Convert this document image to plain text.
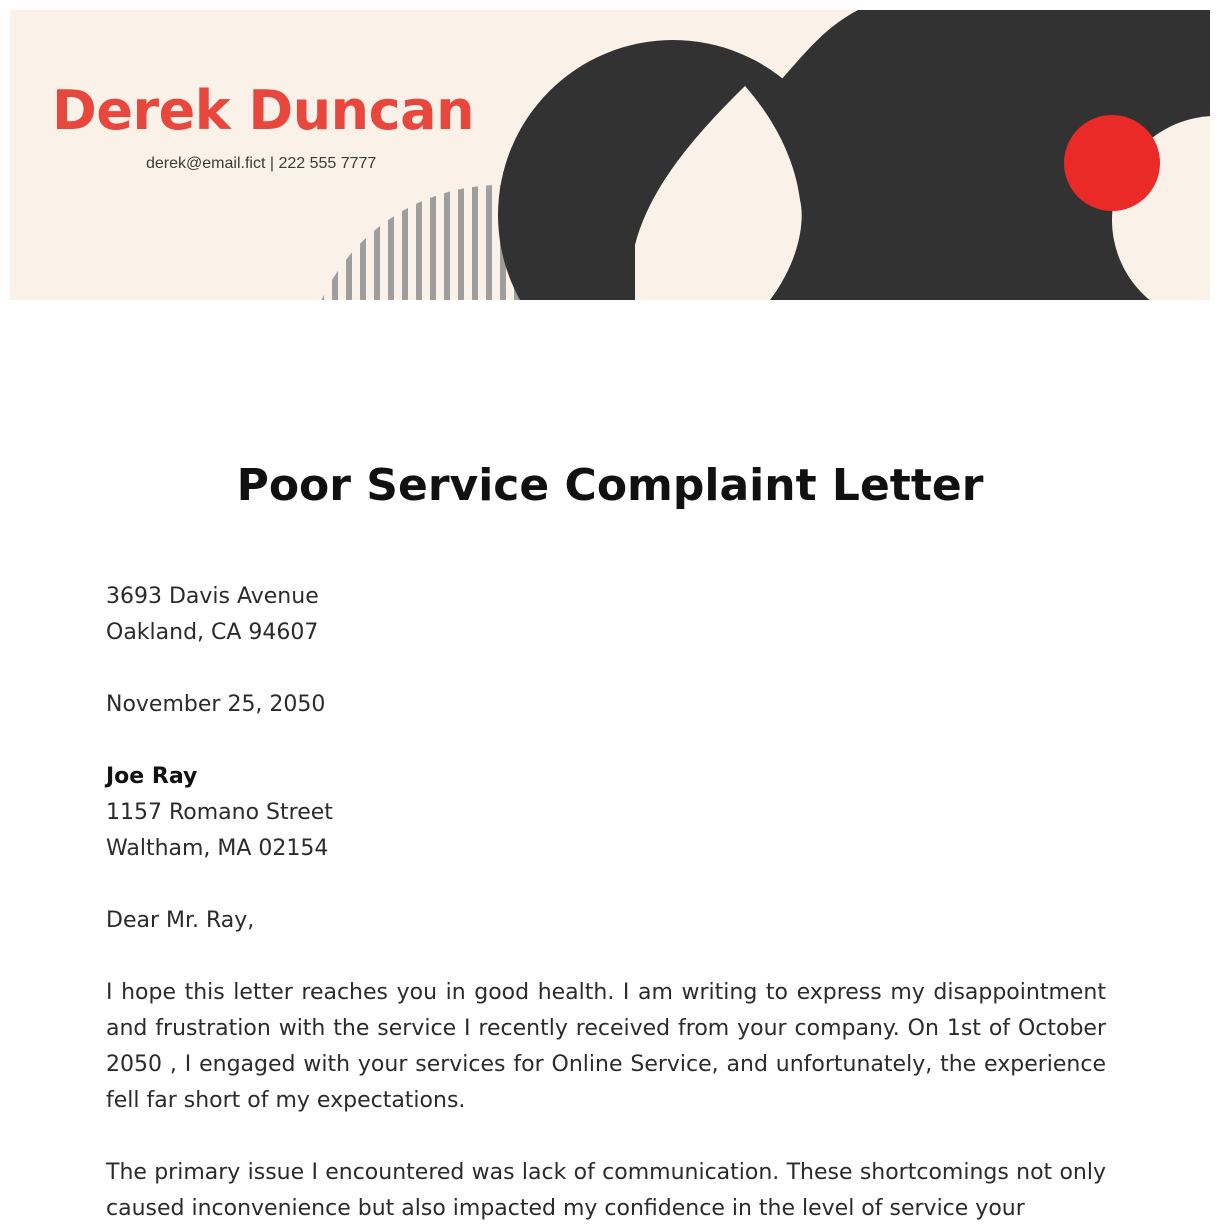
Derek Duncan
derek@email.fict | 222 555 7777
Poor Service Complaint Letter

3693 Davis Avenue

Oakland, CA 94607

November 25, 2050

Joe Ray

1157 Romano Street

Waltham, MA 02154

Dear Mr. Ray,

I hope this letter reaches you in good health. I am writing to express my disappointment and frustration with the service I recently received from your company. On 1st of October 2050 , I engaged with your services for Online Service, and unfortunately, the experience fell far short of my expectations.

The primary issue I encountered was lack of communication. These shortcomings not only caused inconvenience but also impacted my confidence in the level of service your
